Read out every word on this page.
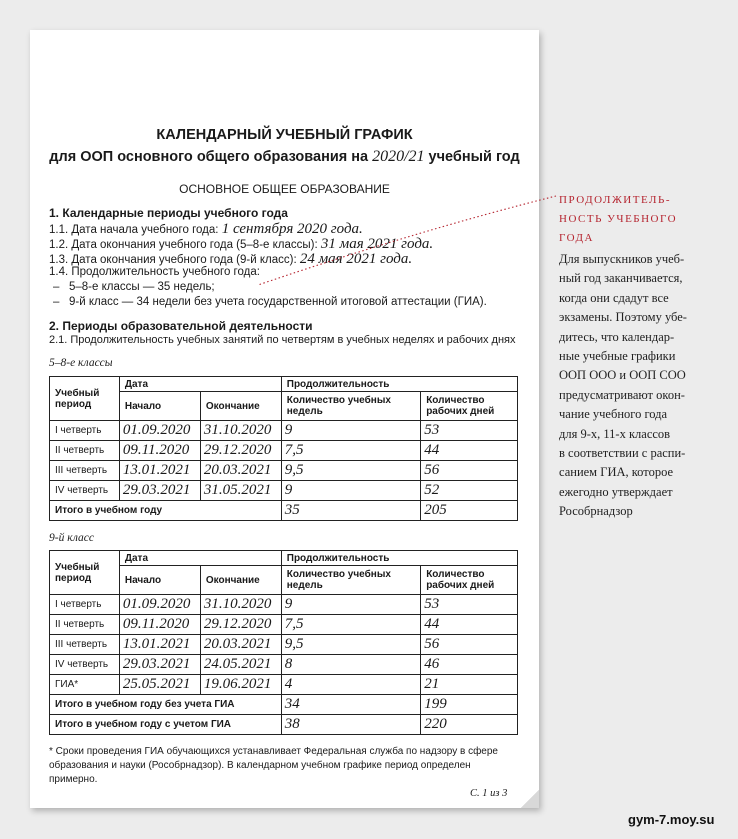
КАЛЕНДАРНЫЙ УЧЕБНЫЙ ГРАФИК
для ООП основного общего образования на 2020/21 учебный год
ОСНОВНОЕ ОБЩЕЕ ОБРАЗОВАНИЕ
1. Календарные периоды учебного года
1.1. Дата начала учебного года: 1 сентября 2020 года.
1.2. Дата окончания учебного года (5–8-е классы): 31 мая 2021 года.
1.3. Дата окончания учебного года (9-й класс): 24 мая 2021 года.
1.4. Продолжительность учебного года:
– 5–8-е классы — 35 недель;
– 9-й класс — 34 недели без учета государственной итоговой аттестации (ГИА).
2. Периоды образовательной деятельности
2.1. Продолжительность учебных занятий по четвертям в учебных неделях и рабочих днях
5–8-е классы
Учебный период	Дата		Продолжительность	
	Начало	Окончание	Количество учебных недель	Количество рабочих дней
I четверть	01.09.2020	31.10.2020	9	53
II четверть	09.11.2020	29.12.2020	7,5	44
III четверть	13.01.2021	20.03.2021	9,5	56
IV четверть	29.03.2021	31.05.2021	9	52
Итого в учебном году			35	205
9-й класс
Учебный период	Дата		Продолжительность	
	Начало	Окончание	Количество учебных недель	Количество рабочих дней
I четверть	01.09.2020	31.10.2020	9	53
II четверть	09.11.2020	29.12.2020	7,5	44
III четверть	13.01.2021	20.03.2021	9,5	56
IV четверть	29.03.2021	24.05.2021	8	46
ГИА*	25.05.2021	19.06.2021	4	21
Итого в учебном году без учета ГИА			34	199
Итого в учебном году с учетом ГИА			38	220
* Сроки проведения ГИА обучающихся устанавливает Федеральная служба по надзору в сфере образования и науки (Рособрнадзор). В календарном учебном графике период определен примерно.
С. 1 из 3
ПРОДОЛЖИТЕЛЬ-
НОСТЬ УЧЕБНОГО
ГОДА
Для выпускников учеб-
ный год заканчивается,
когда они сдадут все
экзамены. Поэтому убе-
дитесь, что календар-
ные учебные графики
ООП ООО и ООП СОО
предусматривают окон-
чание учебного года
для 9-х, 11-х классов
в соответствии с распи-
санием ГИА, которое
ежегодно утверждает
Рособрнадзор
gym-7.moy.su
